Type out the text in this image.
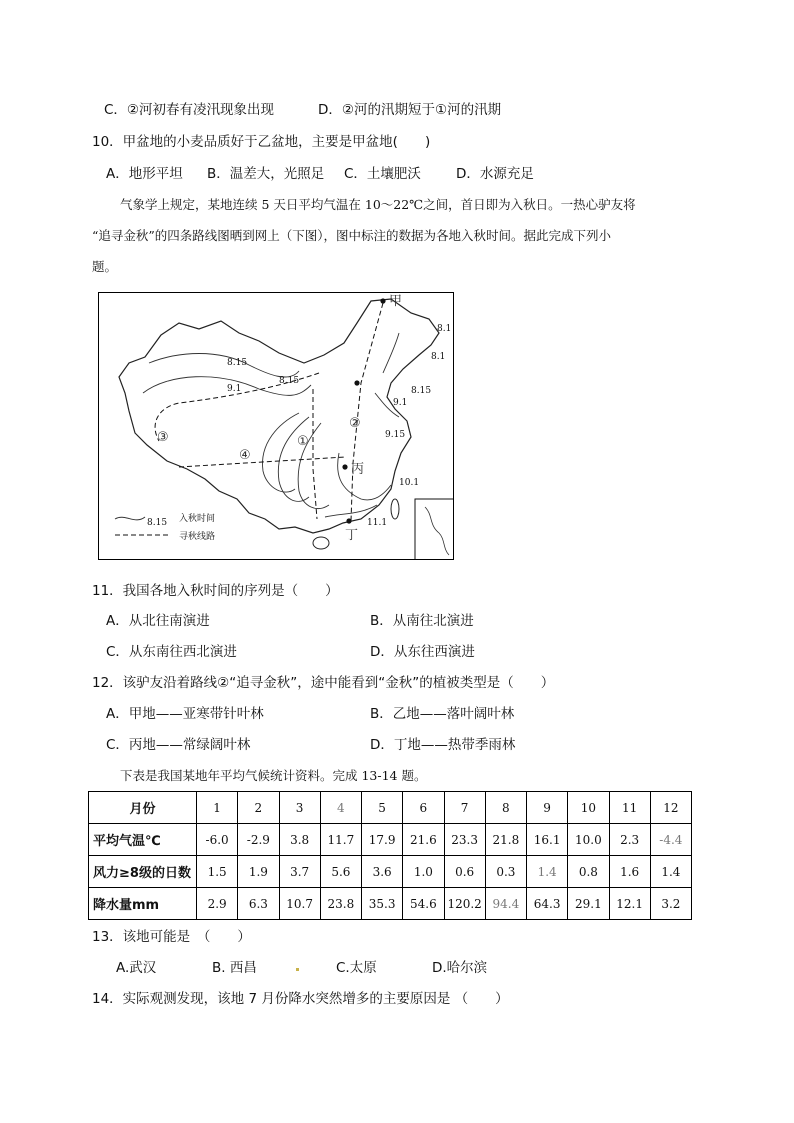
C．②河初春有凌汛现象出现	D．②河的汛期短于①河的汛期
10．甲盆地的小麦品质好于乙盆地，主要是甲盆地(　　)
A．地形平坦 B．温差大，光照足 C．土壤肥沃	D．水源充足
气象学上规定，某地连续 5 天日平均气温在 10～22℃之间，首日即为入秋日。一热心驴友将
“追寻金秋”的四条路线图晒到网上（下图），图中标注的数据为各地入秋时间。据此完成下列小
题。
甲
丙
丁
①
②
③
④
8.1
8.1
8.15
9.1
9.15
10.1
11.1
8.15
9.1
8.15
8.15 入秋时间
寻秋线路
11．我国各地入秋时间的序列是（　　）
A．从北往南演进	B．从南往北演进
C．从东南往西北演进	D．从东往西演进
12．该驴友沿着路线②“追寻金秋”，途中能看到“金秋”的植被类型是（　　）
A．甲地——亚寒带针叶林	B．乙地——落叶阔叶林
C．丙地——常绿阔叶林	D．丁地——热带季雨林
下表是我国某地年平均气候统计资料。完成 13-14 题。
月份	1	2	3	4	5	6	7	8	9	10	11	12
平均气温℃	-6.0	-2.9	3.8	11.7	17.9	21.6	23.3	21.8	16.1	10.0	2.3	-4.4
风力≥8级的日数	1.5	1.9	3.7	5.6	3.6	1.0	0.6	0.3	1.4	0.8	1.6	1.4
降水量mm	2.9	6.3	10.7	23.8	35.3	54.6	120.2	94.4	64.3	29.1	12.1	3.2
13．该地可能是　（　　）
A.武汉	B. 西昌	C.太原	D.哈尔滨
14．实际观测发现，该地 7 月份降水突然增多的主要原因是 （　　）
